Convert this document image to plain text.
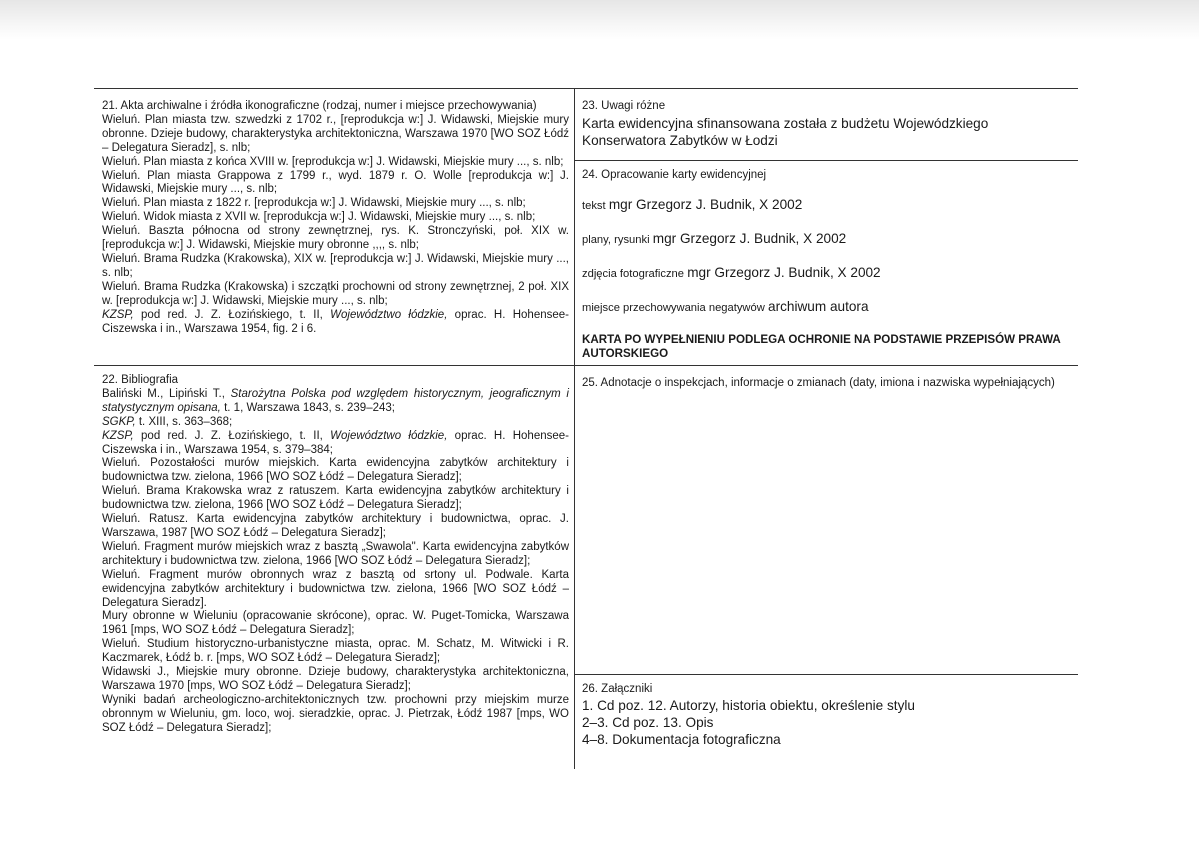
21. Akta archiwalne i źródła ikonograficzne (rodzaj, numer i miejsce przechowywania)

Wieluń. Plan miasta tzw. szwedzki z 1702 r., [reprodukcja w:] J. Widawski, Miejskie mury obronne. Dzieje budowy, charakterystyka architektoniczna, Warszawa 1970 [WO SOZ Łódź – Delegatura Sieradz], s. nlb;

Wieluń. Plan miasta z końca XVIII w. [reprodukcja w:] J. Widawski, Miejskie mury ..., s. nlb;

Wieluń. Plan miasta Grappowa z 1799 r., wyd. 1879 r. O. Wolle [reprodukcja w:] J. Widawski, Miejskie mury ..., s. nlb;

Wieluń. Plan miasta z 1822 r. [reprodukcja w:] J. Widawski, Miejskie mury ..., s. nlb;

Wieluń. Widok miasta z XVII w. [reprodukcja w:] J. Widawski, Miejskie mury ..., s. nlb;

Wieluń. Baszta północna od strony zewnętrznej, rys. K. Stronczyński, poł. XIX w. [reprodukcja w:] J. Widawski, Miejskie mury obronne ,,,, s. nlb;

Wieluń. Brama Rudzka (Krakowska), XIX w. [reprodukcja w:] J. Widawski, Miejskie mury ..., s. nlb;

Wieluń. Brama Rudzka (Krakowska) i szczątki prochowni od strony zewnętrznej, 2 poł. XIX w. [reprodukcja w:] J. Widawski, Miejskie mury ..., s. nlb;

KZSP, pod red. J. Z. Łozińskiego, t. II, Województwo łódzkie, oprac. H. Hohensee-Ciszewska i in., Warszawa 1954, fig. 2 i 6.

22. Bibliografia

Baliński M., Lipiński T., Starożytna Polska pod względem historycznym, jeograficznym i statystycznym opisana, t. 1, Warszawa 1843, s. 239–243;

SGKP, t. XIII, s. 363–368;

KZSP, pod red. J. Z. Łozińskiego, t. II, Województwo łódzkie, oprac. H. Hohensee-Ciszewska i in., Warszawa 1954, s. 379–384;

Wieluń. Pozostałości murów miejskich. Karta ewidencyjna zabytków architektury i budownictwa tzw. zielona, 1966 [WO SOZ Łódź – Delegatura Sieradz];

Wieluń. Brama Krakowska wraz z ratuszem. Karta ewidencyjna zabytków architektury i budownictwa tzw. zielona, 1966 [WO SOZ Łódź – Delegatura Sieradz];

Wieluń. Ratusz. Karta ewidencyjna zabytków architektury i budownictwa, oprac. J. Warszawa, 1987 [WO SOZ Łódź – Delegatura Sieradz];

Wieluń. Fragment murów miejskich wraz z basztą „Swawola". Karta ewidencyjna zabytków architektury i budownictwa tzw. zielona, 1966 [WO SOZ Łódź – Delegatura Sieradz];

Wieluń. Fragment murów obronnych wraz z basztą od srtony ul. Podwale. Karta ewidencyjna zabytków architektury i budownictwa tzw. zielona, 1966 [WO SOZ Łódź – Delegatura Sieradz].

Mury obronne w Wieluniu (opracowanie skrócone), oprac. W. Puget-Tomicka, Warszawa 1961 [mps, WO SOZ Łódź – Delegatura Sieradz];

Wieluń. Studium historyczno-urbanistyczne miasta, oprac. M. Schatz, M. Witwicki i R. Kaczmarek, Łódź b. r. [mps, WO SOZ Łódź – Delegatura Sieradz];

Widawski J., Miejskie mury obronne. Dzieje budowy, charakterystyka architektoniczna, Warszawa 1970 [mps, WO SOZ Łódź – Delegatura Sieradz];

Wyniki badań archeologiczno-architektonicznych tzw. prochowni przy miejskim murze obronnym w Wieluniu, gm. loco, woj. sieradzkie, oprac. J. Pietrzak, Łódź 1987 [mps, WO SOZ Łódź – Delegatura Sieradz];

23. Uwagi różne
Karta ewidencyjna sfinansowana została z budżetu Wojewódzkiego Konserwatora Zabytków w Łodzi
24. Opracowanie karty ewidencyjnej
tekst mgr Grzegorz J. Budnik, X 2002
plany, rysunki mgr Grzegorz J. Budnik, X 2002
zdjęcia fotograficzne mgr Grzegorz J. Budnik, X 2002
miejsce przechowywania negatywów archiwum autora
KARTA PO WYPEŁNIENIU PODLEGA OCHRONIE NA PODSTAWIE PRZEPISÓW PRAWA AUTORSKIEGO
25. Adnotacje o inspekcjach, informacje o zmianach (daty, imiona i nazwiska wypełniających)
26. Załączniki
1. Cd poz. 12. Autorzy, historia obiektu, określenie stylu
2–3. Cd poz. 13. Opis
4–8. Dokumentacja fotograficzna
